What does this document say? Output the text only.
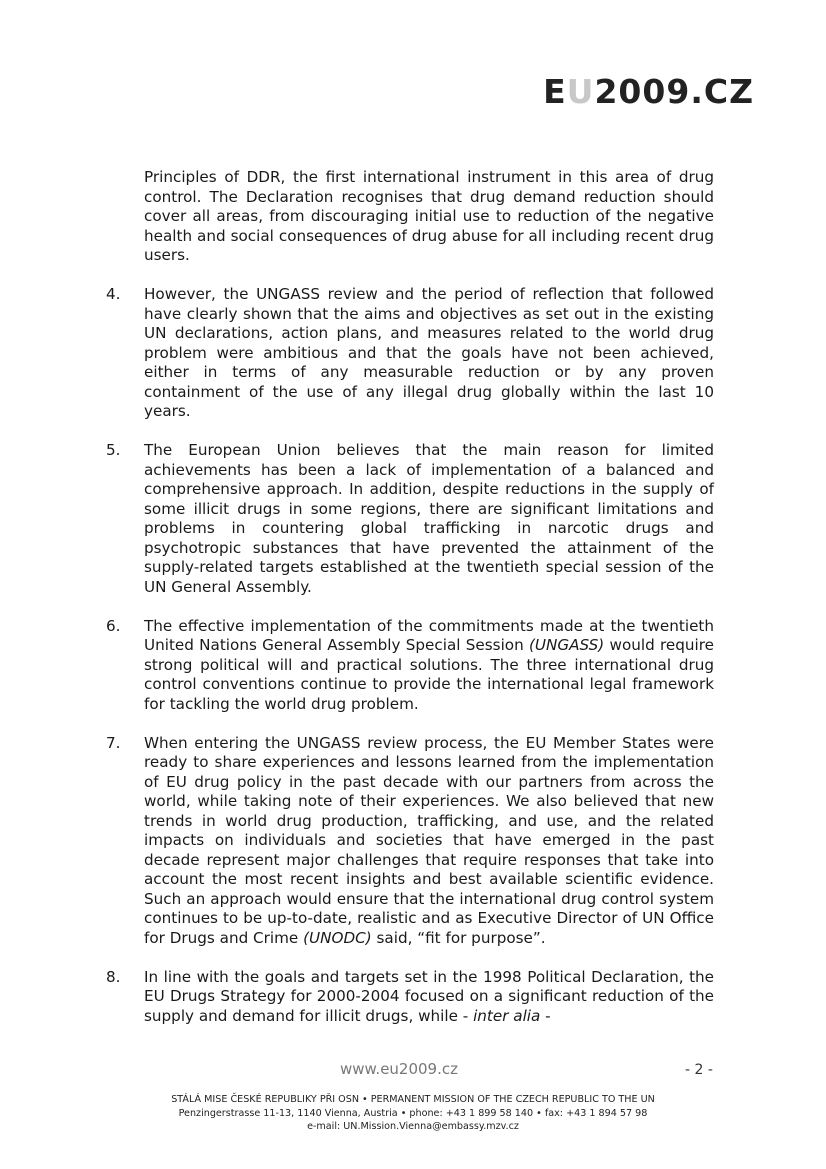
EU2009.CZ
Principles of DDR, the first international instrument in this area of drug control. The Declaration recognises that drug demand reduction should cover all areas, from discouraging initial use to reduction of the negative health and social consequences of drug abuse for all including recent drug users.
4.	However, the UNGASS review and the period of reflection that followed have clearly shown that the aims and objectives as set out in the existing UN declarations, action plans, and measures related to the world drug problem were ambitious and that the goals have not been achieved, either in terms of any measurable reduction or by any proven containment of the use of any illegal drug globally within the last 10 years.
5.	The European Union believes that the main reason for limited achievements has been a lack of implementation of a balanced and comprehensive approach. In addition, despite reductions in the supply of some illicit drugs in some regions, there are significant limitations and problems in countering global trafficking in narcotic drugs and psychotropic substances that have prevented the attainment of the supply-related targets established at the twentieth special session of the UN General Assembly.
6.	The effective implementation of the commitments made at the twentieth United Nations General Assembly Special Session (UNGASS) would require strong political will and practical solutions. The three international drug control conventions continue to provide the international legal framework for tackling the world drug problem.
7.	When entering the UNGASS review process, the EU Member States were ready to share experiences and lessons learned from the implementation of EU drug policy in the past decade with our partners from across the world, while taking note of their experiences. We also believed that new trends in world drug production, trafficking, and use, and the related impacts on individuals and societies that have emerged in the past decade represent major challenges that require responses that take into account the most recent insights and best available scientific evidence. Such an approach would ensure that the international drug control system continues to be up-to-date, realistic and as Executive Director of UN Office for Drugs and Crime (UNODC) said, “fit for purpose”.
8.	In line with the goals and targets set in the 1998 Political Declaration, the EU Drugs Strategy for 2000-2004 focused on a significant reduction of the supply and demand for illicit drugs, while - inter alia -
www.eu2009.cz	- 2 -
STÁLÁ MISE ČESKÉ REPUBLIKY PŘI OSN • PERMANENT MISSION OF THE CZECH REPUBLIC TO THE UN
Penzingerstrasse 11-13, 1140 Vienna, Austria • phone: +43 1 899 58 140 • fax: +43 1 894 57 98
e-mail: UN.Mission.Vienna@embassy.mzv.cz
